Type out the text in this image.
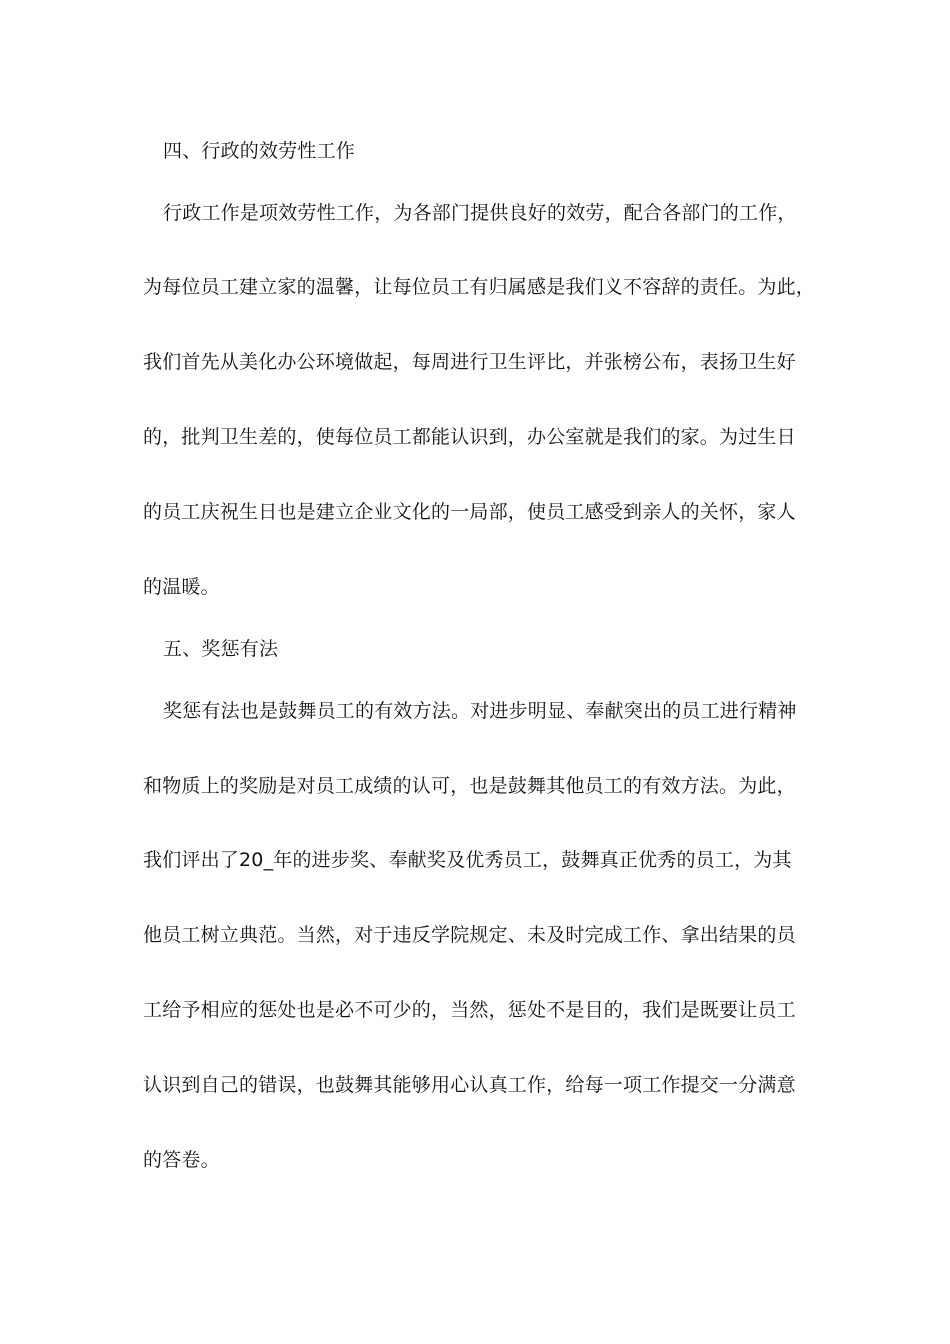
四、行政的效劳性工作
行政工作是项效劳性工作，为各部门提供良好的效劳，配合各部门的工作，
为每位员工建立家的温馨，让每位员工有归属感是我们义不容辞的责任。为此，
我们首先从美化办公环境做起，每周进行卫生评比，并张榜公布，表扬卫生好
的，批判卫生差的，使每位员工都能认识到，办公室就是我们的家。为过生日
的员工庆祝生日也是建立企业文化的一局部，使员工感受到亲人的关怀，家人
的温暖。
五、奖惩有法
奖惩有法也是鼓舞员工的有效方法。对进步明显、奉献突出的员工进行精神
和物质上的奖励是对员工成绩的认可，也是鼓舞其他员工的有效方法。为此，
我们评出了20_年的进步奖、奉献奖及优秀员工，鼓舞真正优秀的员工，为其
他员工树立典范。当然，对于违反学院规定、未及时完成工作、拿出结果的员
工给予相应的惩处也是必不可少的，当然，惩处不是目的，我们是既要让员工
认识到自己的错误，也鼓舞其能够用心认真工作，给每一项工作提交一分满意
的答卷。
